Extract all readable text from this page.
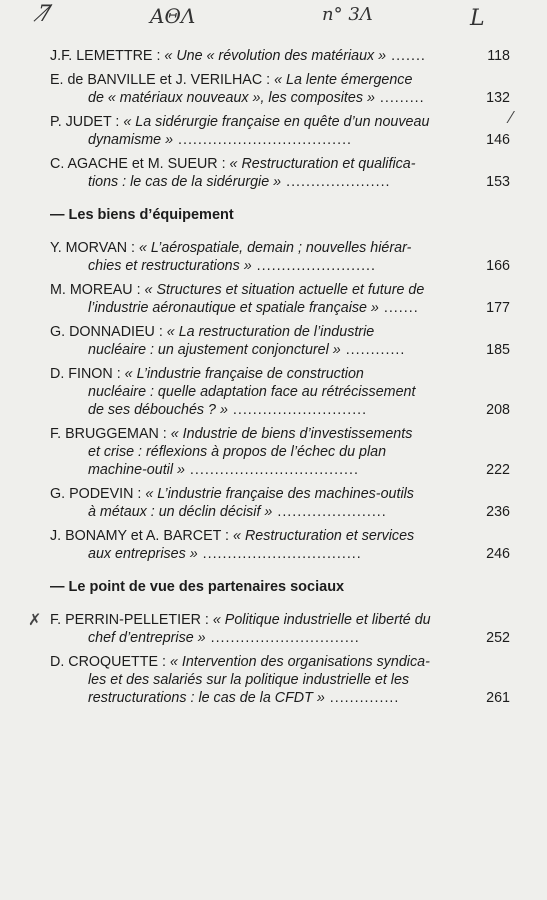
7̸	ΑΘΛ	n° 3Λ	L
J.F. LEMETTRE : « Une « révolution des matériaux » .......	118
E. de BANVILLE et J. VERILHAC : « La lente émergence
de « matériaux nouveaux », les composites » .........	132
P. JUDET : « La sidérurgie française en quête d’un nouveau
dynamisme » ...................................	146
⁄
C. AGACHE et M. SUEUR : « Restructuration et qualifica-
tions : le cas de la sidérurgie » .....................	153
— Les biens d’équipement
Y. MORVAN : « L’aérospatiale, demain ; nouvelles hiérar-
chies et restructurations » ........................	166
M. MOREAU : « Structures et situation actuelle et future de
l’industrie aéronautique et spatiale française » .......	177
G. DONNADIEU : « La restructuration de l’industrie
nucléaire : un ajustement conjoncturel » ............	185
D. FINON : « L’industrie française de construction
nucléaire : quelle adaptation face au rétrécissement
de ses débouchés ? » ...........................	208
F. BRUGGEMAN : « Industrie de biens d’investissements
et crise : réflexions à propos de l’échec du plan
machine-outil » ..................................	222
G. PODEVIN : « L’industrie française des machines-outils
à métaux : un déclin décisif » ......................	236
J. BONAMY et A. BARCET : « Restructuration et services
aux entreprises » ................................	246
— Le point de vue des partenaires sociaux
✗ F. PERRIN-PELLETIER : « Politique industrielle et liberté du
chef d’entreprise » ..............................	252
D. CROQUETTE : « Intervention des organisations syndica-
les et des salariés sur la politique industrielle et les
restructurations : le cas de la CFDT » ..............	261
